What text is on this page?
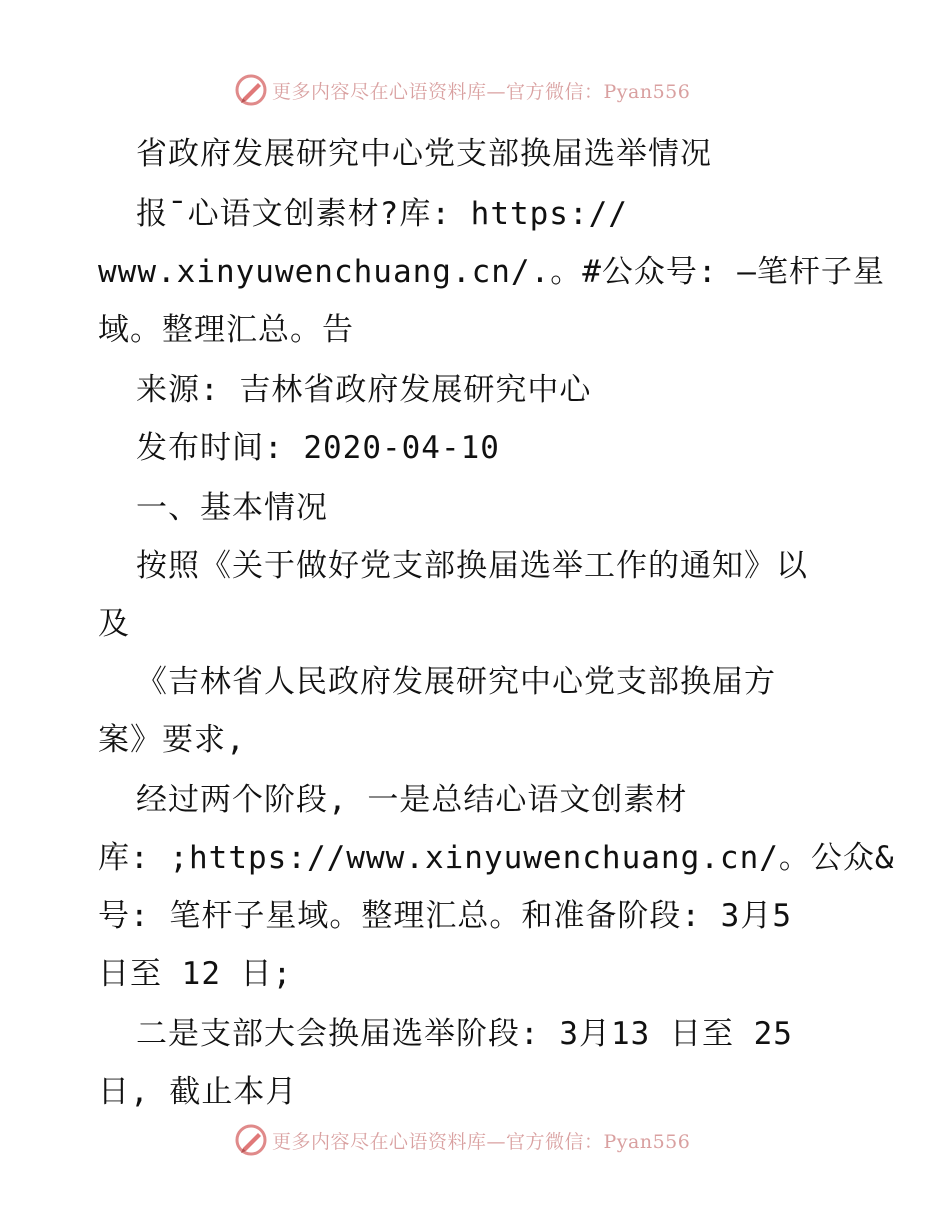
更多内容尽在心语资料库—官方微信：Pyan556
省政府发展研究中心党支部换届选举情况
报¯心语文创素材?库: https://
www.xinyuwenchuang.cn/.。#公众号: —笔杆子星
域。整理汇总。告
来源: 吉林省政府发展研究中心
发布时间: 2020-04-10
一、基本情况
按照《关于做好党支部换届选举工作的通知》以
及
《吉林省人民政府发展研究中心党支部换届方
案》要求,
经过两个阶段, 一是总结心语文创素材
库: ;https://www.xinyuwenchuang.cn/。公众&
号: 笔杆子星域。整理汇总。和准备阶段: 3月5
日至 12 日;
二是支部大会换届选举阶段: 3月13 日至 25
日, 截止本月
更多内容尽在心语资料库—官方微信：Pyan556
